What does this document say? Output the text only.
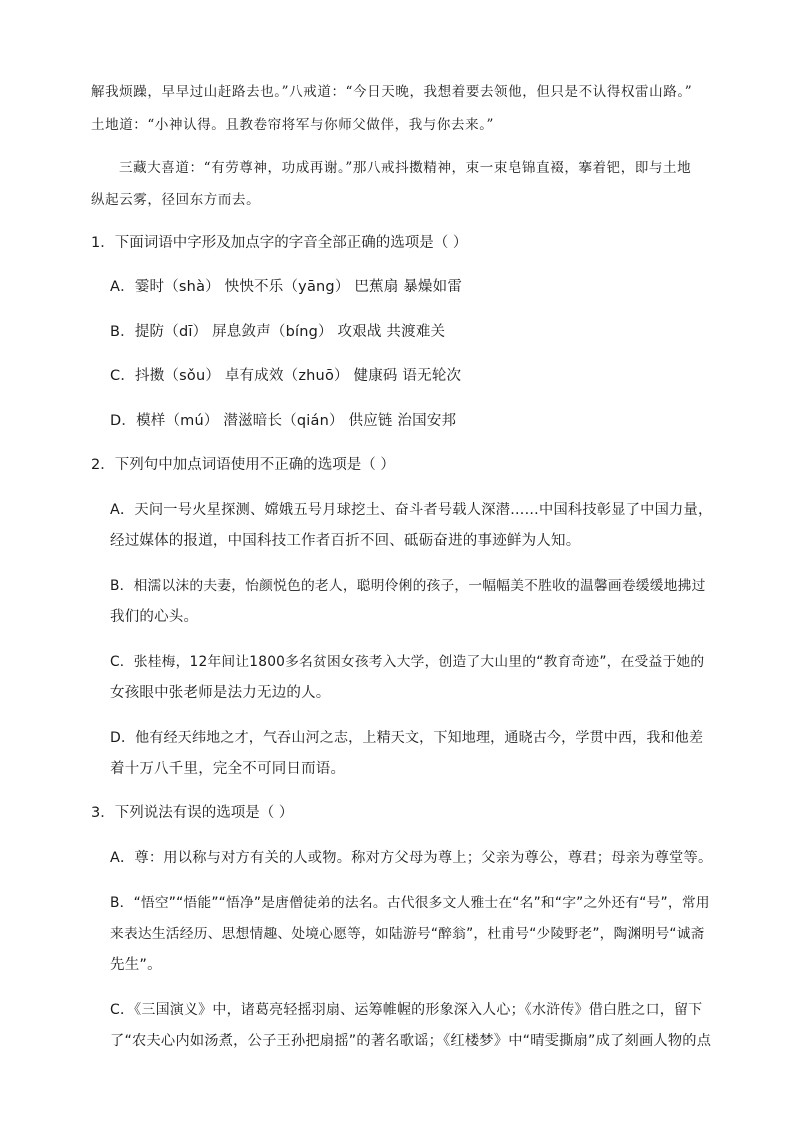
解我烦躁，早早过山赶路去也。”八戒道：“今日天晚，我想着要去领他，但只是不认得权雷山路。”
土地道：“小神认得。且教卷帘将军与你师父做伴，我与你去来。”
三藏大喜道：“有劳尊神，功成再谢。”那八戒抖擞精神，束一束皂锦直裰，搴着钯，即与土地
纵起云雾，径回东方而去。
1．下面词语中字形及加点字的字音全部正确的选项是（ ）
A．霎时（shà） 怏怏不乐（yāng） 巴蕉扇 暴燥如雷
B．提防（dī） 屏息敛声（bíng） 攻艰战 共渡难关
C．抖擞（sǒu） 卓有成效（zhuō） 健康码 语无轮次
D．模样（mú） 潜滋暗长（qián） 供应链 治国安邦
2．下列句中加点词语使用不正确的选项是（ ）
A．天问一号火星探测、嫦娥五号月球挖土、奋斗者号载人深潜……中国科技彰显了中国力量，
经过媒体的报道，中国科技工作者百折不回、砥砺奋进的事迹鲜为人知。
B．相濡以沫的夫妻，怡颜悦色的老人，聪明伶俐的孩子，一幅幅美不胜收的温馨画卷缓缓地拂过
我们的心头。
C．张桂梅，12年间让1800多名贫困女孩考入大学，创造了大山里的“教育奇迹”，在受益于她的
女孩眼中张老师是法力无边的人。
D．他有经天纬地之才，气吞山河之志，上精天文，下知地理，通晓古今，学贯中西，我和他差
着十万八千里，完全不可同日而语。
3．下列说法有误的选项是（ ）
A．尊：用以称与对方有关的人或物。称对方父母为尊上；父亲为尊公，尊君；母亲为尊堂等。
B．“悟空”“悟能”“悟净”是唐僧徒弟的法名。古代很多文人雅士在“名”和“字”之外还有“号”，常用
来表达生活经历、思想情趣、处境心愿等，如陆游号“醉翁”，杜甫号“少陵野老”，陶渊明号“诚斋
先生”。
C．《三国演义》中，诸葛亮轻摇羽扇、运筹帷幄的形象深入人心；《水浒传》借白胜之口，留下
了“农夫心内如汤煮，公子王孙把扇摇”的著名歌谣；《红楼梦》中“晴雯撕扇”成了刻画人物的点
